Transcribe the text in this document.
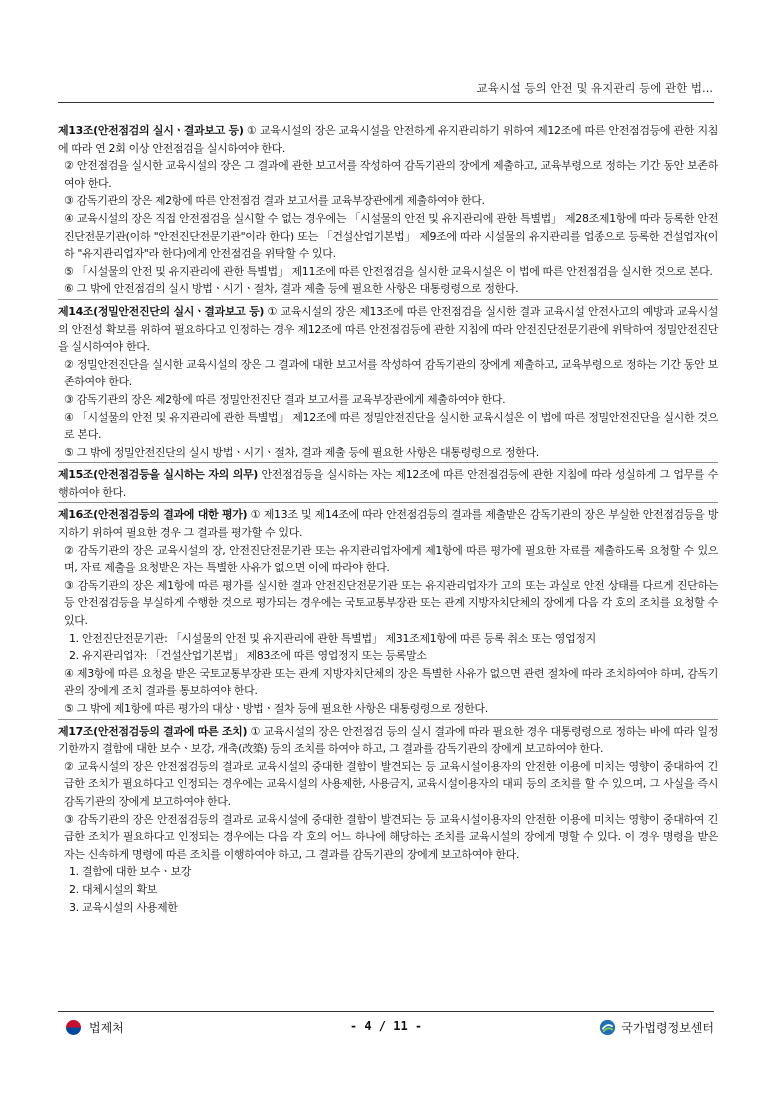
교육시설 등의 안전 및 유지관리 등에 관한 법...

제13조(안전점검의 실시ㆍ결과보고 등) ① 교육시설의 장은 교육시설을 안전하게 유지관리하기 위하여 제12조에 따른 안전점검등에 관한 지침에 따라 연 2회 이상 안전점검을 실시하여야 한다.

② 안전점검을 실시한 교육시설의 장은 그 결과에 관한 보고서를 작성하여 감독기관의 장에게 제출하고, 교육부령으로 정하는 기간 동안 보존하여야 한다.

③ 감독기관의 장은 제2항에 따른 안전점검 결과 보고서를 교육부장관에게 제출하여야 한다.

④ 교육시설의 장은 직접 안전점검을 실시할 수 없는 경우에는 「시설물의 안전 및 유지관리에 관한 특별법」 제28조제1항에 따라 등록한 안전진단전문기관(이하 "안전진단전문기관"이라 한다) 또는 「건설산업기본법」 제9조에 따라 시설물의 유지관리를 업종으로 등록한 건설업자(이하 "유지관리업자"라 한다)에게 안전점검을 위탁할 수 있다.

⑤ 「시설물의 안전 및 유지관리에 관한 특별법」 제11조에 따른 안전점검을 실시한 교육시설은 이 법에 따른 안전점검을 실시한 것으로 본다.

⑥ 그 밖에 안전점검의 실시 방법ㆍ시기ㆍ절차, 결과 제출 등에 필요한 사항은 대통령령으로 정한다.

제14조(정밀안전진단의 실시ㆍ결과보고 등) ① 교육시설의 장은 제13조에 따른 안전점검을 실시한 결과 교육시설 안전사고의 예방과 교육시설의 안전성 확보를 위하여 필요하다고 인정하는 경우 제12조에 따른 안전점검등에 관한 지침에 따라 안전진단전문기관에 위탁하여 정밀안전진단을 실시하여야 한다.

② 정밀안전진단을 실시한 교육시설의 장은 그 결과에 대한 보고서를 작성하여 감독기관의 장에게 제출하고, 교육부령으로 정하는 기간 동안 보존하여야 한다.

③ 감독기관의 장은 제2항에 따른 정밀안전진단 결과 보고서를 교육부장관에게 제출하여야 한다.

④ 「시설물의 안전 및 유지관리에 관한 특별법」 제12조에 따른 정밀안전진단을 실시한 교육시설은 이 법에 따른 정밀안전진단을 실시한 것으로 본다.

⑤ 그 밖에 정밀안전진단의 실시 방법ㆍ시기ㆍ절차, 결과 제출 등에 필요한 사항은 대통령령으로 정한다.

제15조(안전점검등을 실시하는 자의 의무) 안전점검등을 실시하는 자는 제12조에 따른 안전점검등에 관한 지침에 따라 성실하게 그 업무를 수행하여야 한다.

제16조(안전점검등의 결과에 대한 평가) ① 제13조 및 제14조에 따라 안전점검등의 결과를 제출받은 감독기관의 장은 부실한 안전점검등을 방지하기 위하여 필요한 경우 그 결과를 평가할 수 있다.

② 감독기관의 장은 교육시설의 장, 안전진단전문기관 또는 유지관리업자에게 제1항에 따른 평가에 필요한 자료를 제출하도록 요청할 수 있으며, 자료 제출을 요청받은 자는 특별한 사유가 없으면 이에 따라야 한다.

③ 감독기관의 장은 제1항에 따른 평가를 실시한 결과 안전진단전문기관 또는 유지관리업자가 고의 또는 과실로 안전 상태를 다르게 진단하는 등 안전점검등을 부실하게 수행한 것으로 평가되는 경우에는 국토교통부장관 또는 관계 지방자치단체의 장에게 다음 각 호의 조치를 요청할 수 있다.

1. 안전진단전문기관: 「시설물의 안전 및 유지관리에 관한 특별법」 제31조제1항에 따른 등록 취소 또는 영업정지

2. 유지관리업자: 「건설산업기본법」 제83조에 따른 영업정지 또는 등록말소

④ 제3항에 따른 요청을 받은 국토교통부장관 또는 관계 지방자치단체의 장은 특별한 사유가 없으면 관련 절차에 따라 조치하여야 하며, 감독기관의 장에게 조치 결과를 통보하여야 한다.

⑤ 그 밖에 제1항에 따른 평가의 대상ㆍ방법ㆍ절차 등에 필요한 사항은 대통령령으로 정한다.

제17조(안전점검등의 결과에 따른 조치) ① 교육시설의 장은 안전점검 등의 실시 결과에 따라 필요한 경우 대통령령으로 정하는 바에 따라 일정기한까지 결함에 대한 보수ㆍ보강, 개축(改築) 등의 조치를 하여야 하고, 그 결과를 감독기관의 장에게 보고하여야 한다.

② 교육시설의 장은 안전점검등의 결과로 교육시설의 중대한 결함이 발견되는 등 교육시설이용자의 안전한 이용에 미치는 영향이 중대하여 긴급한 조치가 필요하다고 인정되는 경우에는 교육시설의 사용제한, 사용금지, 교육시설이용자의 대피 등의 조치를 할 수 있으며, 그 사실을 즉시 감독기관의 장에게 보고하여야 한다.

③ 감독기관의 장은 안전점검등의 결과로 교육시설에 중대한 결함이 발견되는 등 교육시설이용자의 안전한 이용에 미치는 영향이 중대하여 긴급한 조치가 필요하다고 인정되는 경우에는 다음 각 호의 어느 하나에 해당하는 조치를 교육시설의 장에게 명할 수 있다. 이 경우 명령을 받은 자는 신속하게 명령에 따른 조치를 이행하여야 하고, 그 결과를 감독기관의 장에게 보고하여야 한다.

1. 결함에 대한 보수ㆍ보강

2. 대체시설의 확보

3. 교육시설의 사용제한

법제처	- 4 / 11 -	국가법령정보센터
